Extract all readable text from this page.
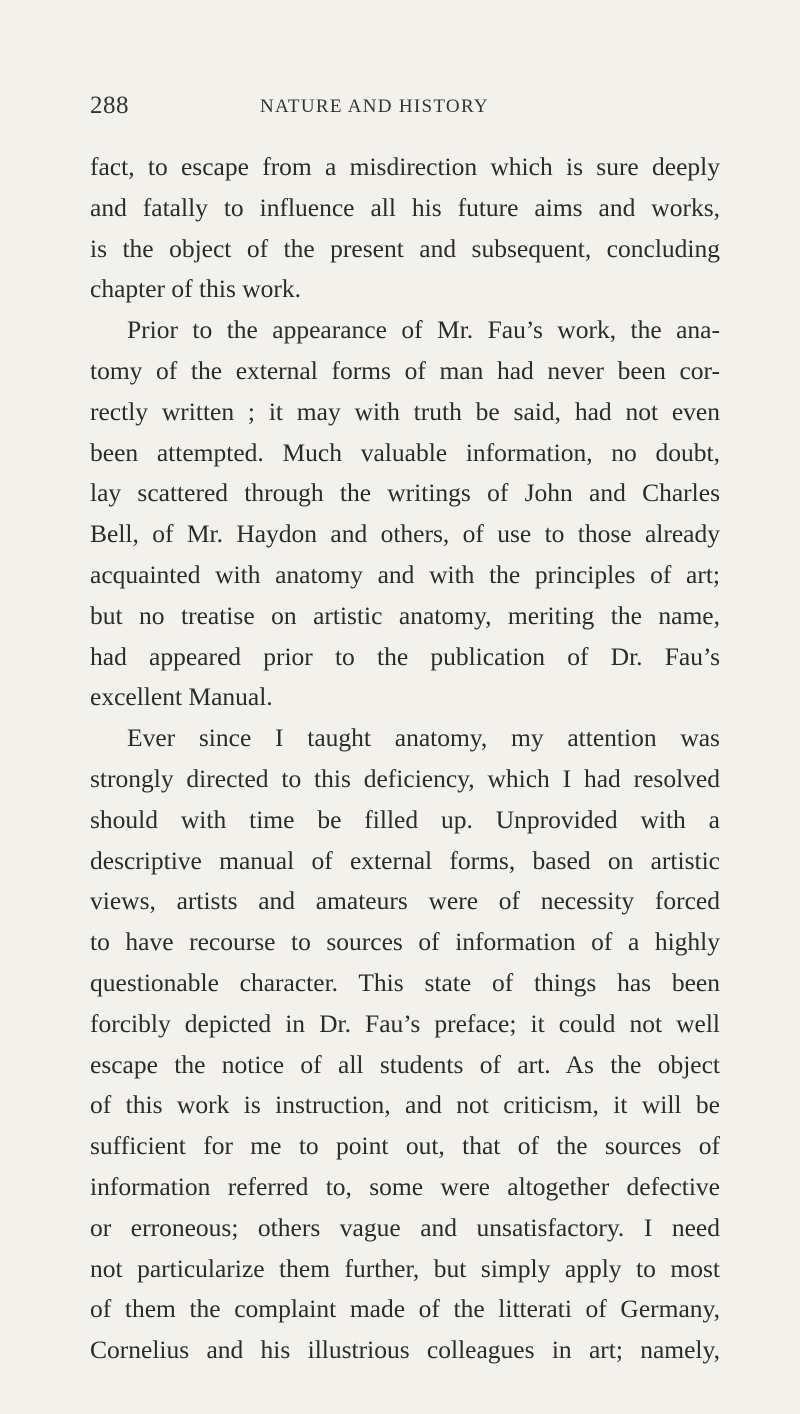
288	NATURE AND HISTORY
fact, to escape from a misdirection which is sure deeply
and fatally to influence all his future aims and works,
is the object of the present and subsequent, concluding
chapter of this work.
Prior to the appearance of Mr. Fau’s work, the ana-
tomy of the external forms of man had never been cor-
rectly written ; it may with truth be said, had not even
been attempted. Much valuable information, no doubt,
lay scattered through the writings of John and Charles
Bell, of Mr. Haydon and others, of use to those already
acquainted with anatomy and with the principles of art;
but no treatise on artistic anatomy, meriting the name,
had appeared prior to the publication of Dr. Fau’s
excellent Manual.
Ever since I taught anatomy, my attention was
strongly directed to this deficiency, which I had resolved
should with time be filled up. Unprovided with a
descriptive manual of external forms, based on artistic
views, artists and amateurs were of necessity forced
to have recourse to sources of information of a highly
questionable character. This state of things has been
forcibly depicted in Dr. Fau’s preface; it could not well
escape the notice of all students of art. As the object
of this work is instruction, and not criticism, it will be
sufficient for me to point out, that of the sources of
information referred to, some were altogether defective
or erroneous; others vague and unsatisfactory. I need
not particularize them further, but simply apply to most
of them the complaint made of the litterati of Germany,
Cornelius and his illustrious colleagues in art; namely,
